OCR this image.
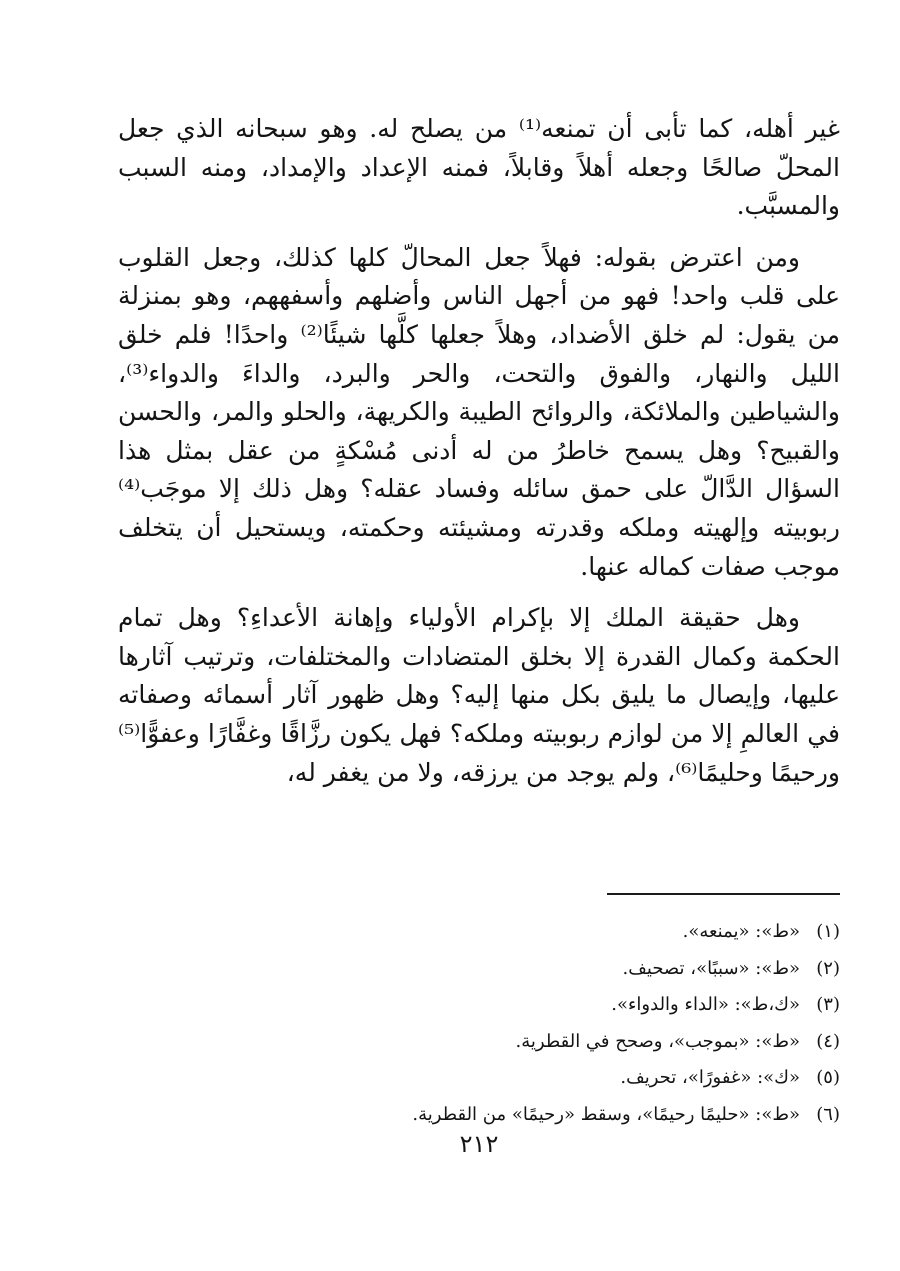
غير أهله، كما تأبى أن تمنعه⁽¹⁾ من يصلح له. وهو سبحانه الذي جعل المحلّ صالحًا وجعله أهلاً وقابلاً، فمنه الإعداد والإمداد، ومنه السبب والمسبَّب.

ومن اعترض بقوله: فهلاً جعل المحالّ كلها كذلك، وجعل القلوب على قلب واحد! فهو من أجهل الناس وأضلهم وأسفههم، وهو بمنزلة من يقول: لم خلق الأضداد، وهلاً جعلها كلَّها شيئًا⁽²⁾ واحدًا! فلم خلق الليل والنهار، والفوق والتحت، والحر والبرد، والداءَ والدواء⁽³⁾، والشياطين والملائكة، والروائح الطيبة والكريهة، والحلو والمر، والحسن والقبيح؟ وهل يسمح خاطرُ من له أدنى مُسْكةٍ من عقل بمثل هذا السؤال الدَّالّ على حمق سائله وفساد عقله؟ وهل ذلك إلا موجَب⁽⁴⁾ ربوبيته وإلهيته وملكه وقدرته ومشيئته وحكمته، ويستحيل أن يتخلف موجب صفات كماله عنها.

وهل حقيقة الملك إلا بإكرام الأولياء وإهانة الأعداءِ؟ وهل تمام الحكمة وكمال القدرة إلا بخلق المتضادات والمختلفات، وترتيب آثارها عليها، وإيصال ما يليق بكل منها إليه؟ وهل ظهور آثار أسمائه وصفاته في العالمِ إلا من لوازم ربوبيته وملكه؟ فهل يكون رزَّاقًا وغفَّارًا وعفوًّا⁽⁵⁾ ورحيمًا وحليمًا⁽⁶⁾، ولم يوجد من يرزقه، ولا من يغفر له،

(١)
«ط»: «يمنعه».
(٢)
«ط»: «سببًا»، تصحيف.
(٣)
«ك،ط»: «الداء والدواء».
(٤)
«ط»: «بموجب»، وصحح في القطرية.
(٥)
«ك»: «غفورًا»، تحريف.
(٦)
«ط»: «حليمًا رحيمًا»، وسقط «رحيمًا» من القطرية.
٢١٢
